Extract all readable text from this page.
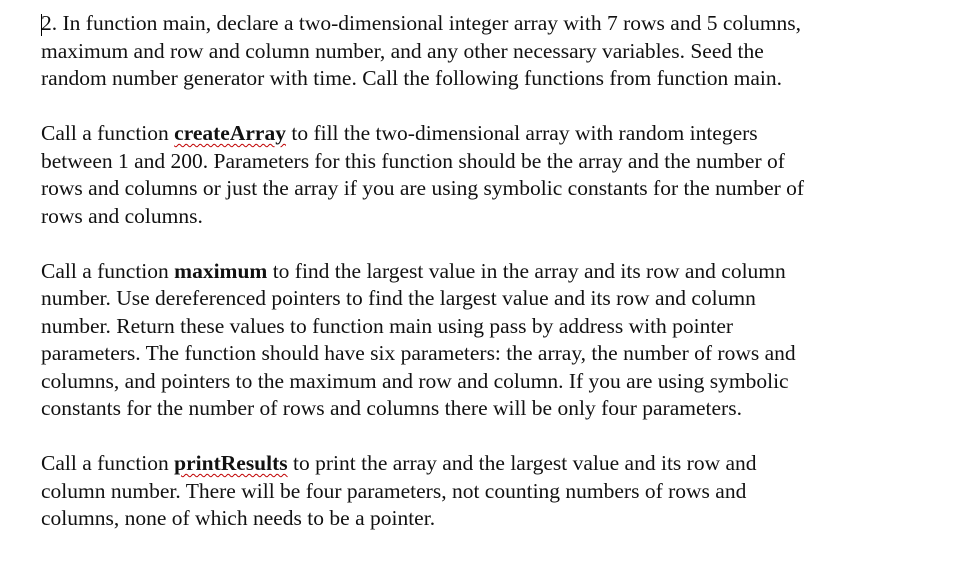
2. In function main, declare a two-dimensional integer array with 7 rows and 5 columns,
maximum and row and column number, and any other necessary variables. Seed the
random number generator with time. Call the following functions from function main.

Call a function createArray to fill the two-dimensional array with random integers
between 1 and 200. Parameters for this function should be the array and the number of
rows and columns or just the array if you are using symbolic constants for the number of
rows and columns.

Call a function maximum to find the largest value in the array and its row and column
number. Use dereferenced pointers to find the largest value and its row and column
number. Return these values to function main using pass by address with pointer
parameters. The function should have six parameters: the array, the number of rows and
columns, and pointers to the maximum and row and column. If you are using symbolic
constants for the number of rows and columns there will be only four parameters.

Call a function printResults to print the array and the largest value and its row and
column number. There will be four parameters, not counting numbers of rows and
columns, none of which needs to be a pointer.
